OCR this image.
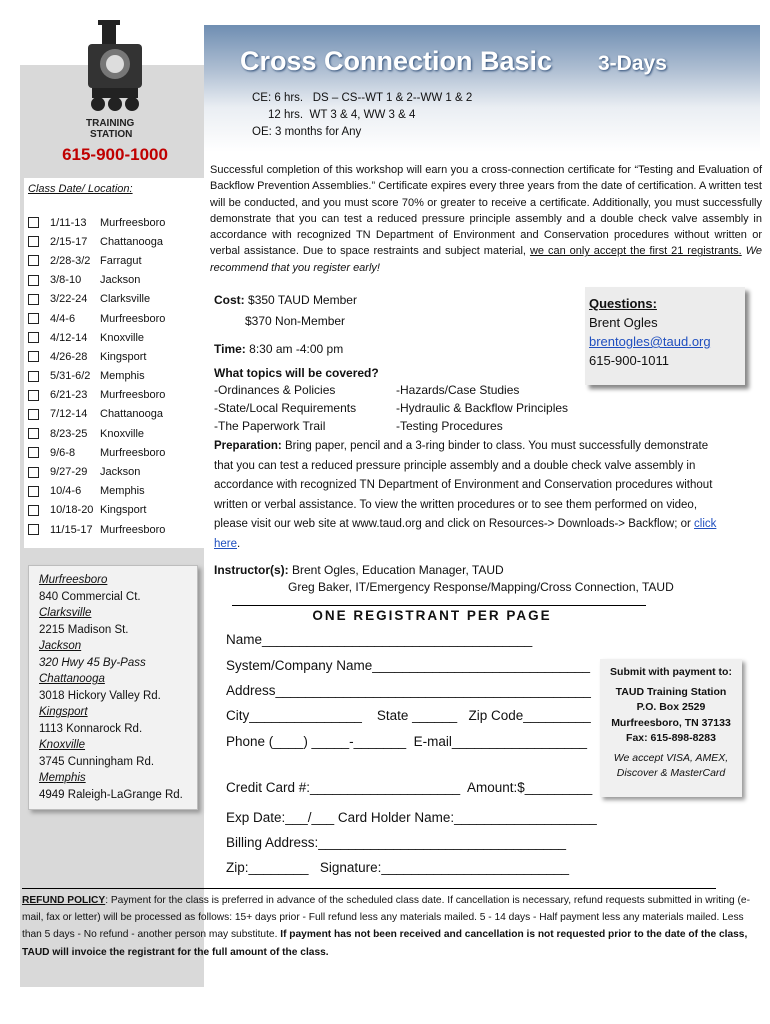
TRAINING
STATION
615-900-1000
Class Date/ Location:
1/11-13	Murfreesboro
2/15-17	Chattanooga
2/28-3/2 Farragut
3/8-10	Jackson
3/22-24	Clarksville
4/4-6	Murfreesboro
4/12-14	Knoxville
4/26-28	Kingsport
5/31-6/2 Memphis
6/21-23	Murfreesboro
7/12-14	Chattanooga
8/23-25	Knoxville
9/6-8	Murfreesboro
9/27-29	Jackson
10/4-6	Memphis
10/18-20 Kingsport
11/15-17 Murfreesboro
Murfreesboro
840 Commercial Ct.
Clarksville
2215 Madison St.
Jackson
320 Hwy 45 By-Pass
Chattanooga
3018 Hickory Valley Rd.
Kingsport
1113 Konnarock Rd.
Knoxville
3745 Cunningham Rd.
Memphis
4949 Raleigh-LaGrange Rd.
Cross Connection Basic 3-Days
CE: 6 hrs.   DS – CS--WT 1 & 2--WW 1 & 2
12 hrs.  WT 3 & 4, WW 3 & 4
OE: 3 months for Any
Successful completion of this workshop will earn you a cross-connection certificate for “Testing and Evaluation of Backflow Prevention Assemblies.” Certificate expires every three years from the date of certification. A written test will be conducted, and you must score 70% or greater to receive a certificate. Additionally, you must successfully demonstrate that you can test a reduced pressure principle assembly and a double check valve assembly in accordance with recognized TN Department of Environment and Conservation procedures without written or verbal assistance. Due to space restraints and subject material, we can only accept the first 21 registrants. We recommend that you register early!
Cost: $350 TAUD Member
$370 Non-Member
Time: 8:30 am -4:00 pm
What topics will be covered?
-Ordinances & Policies
-State/Local Requirements
-The Paperwork Trail
-Hazards/Case Studies
-Hydraulic & Backflow Principles
-Testing Procedures
Questions:
Brent Ogles
brentogles@taud.org
615-900-1011
Preparation: Bring paper, pencil and a 3-ring binder to class. You must successfully demonstrate that you can test a reduced pressure principle assembly and a double check valve assembly in accordance with recognized TN Department of Environment and Conservation procedures without written or verbal assistance. To view the written procedures or to see them performed on video, please visit our web site at www.taud.org and click on Resources-> Downloads-> Backflow; or click here.
Instructor(s): Brent Ogles, Education Manager, TAUD
Greg Baker, IT/Emergency Response/Mapping/Cross Connection, TAUD
ONE REGISTRANT PER PAGE
Name____________________________________
System/Company Name_____________________________
Address__________________________________________
City_______________    State ______   Zip Code_________
Phone (____) _____-_______  E-mail__________________
Credit Card #:____________________  Amount:$_________
Exp Date:___/___ Card Holder Name:___________________
Billing Address:_________________________________
Zip:________   Signature:_________________________
Submit with payment to:
TAUD Training Station
P.O. Box 2529
Murfreesboro, TN 37133
Fax: 615-898-8283
We accept VISA, AMEX,
Discover & MasterCard
REFUND POLICY: Payment for the class is preferred in advance of the scheduled class date. If cancellation is necessary, refund requests submitted in writing (e-mail, fax or letter) will be processed as follows: 15+ days prior - Full refund less any materials mailed. 5 - 14 days - Half payment less any materials mailed. Less than 5 days - No refund - another person may substitute. If payment has not been received and cancellation is not requested prior to the date of the class, TAUD will invoice the registrant for the full amount of the class.
